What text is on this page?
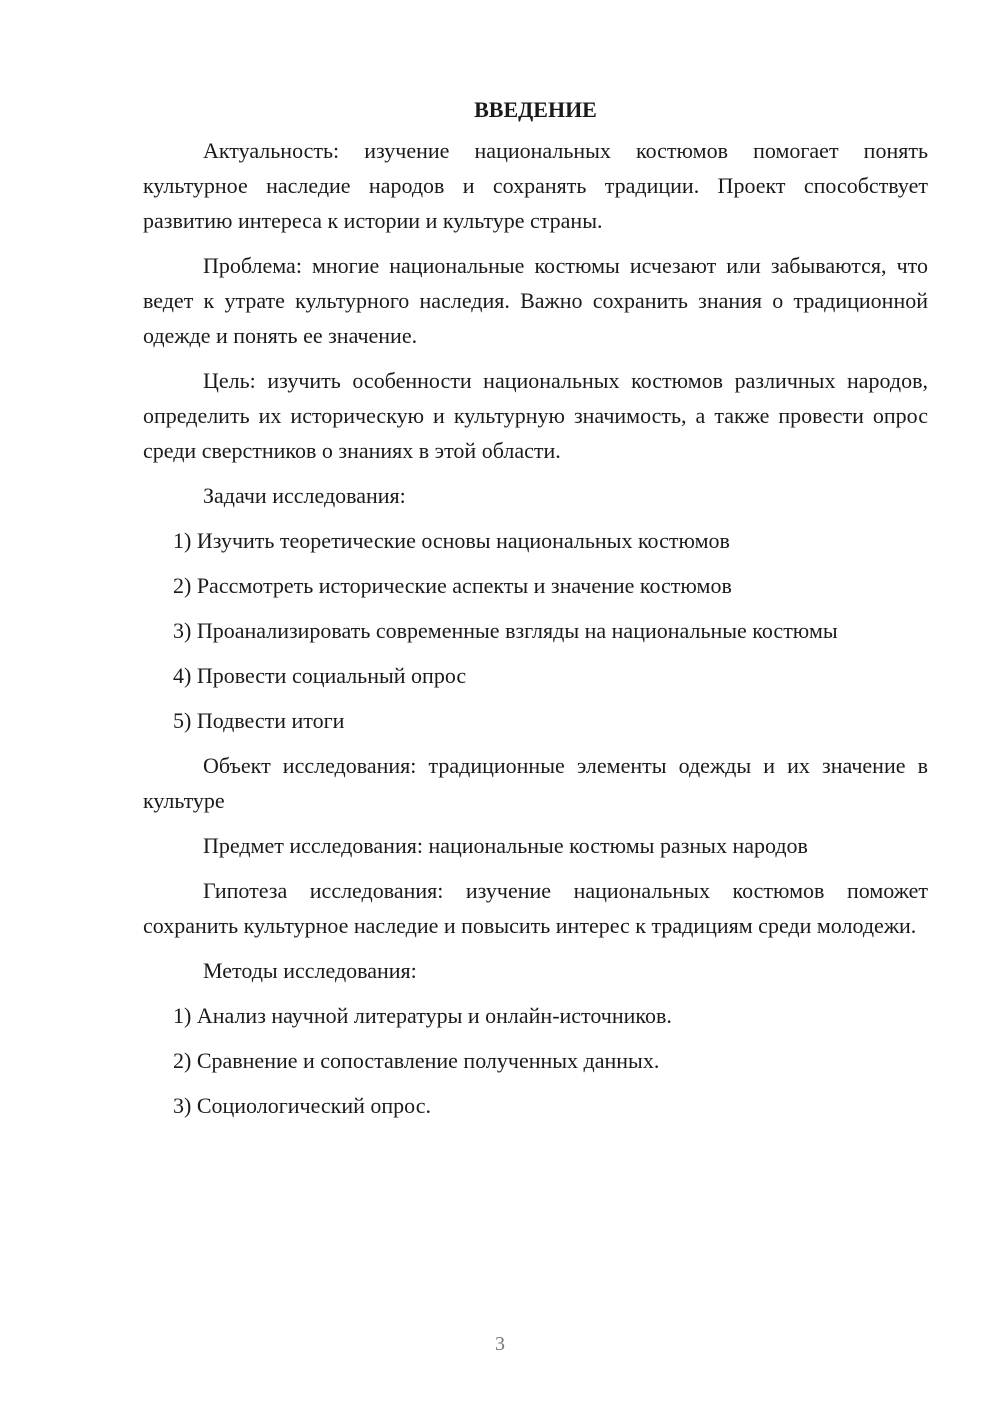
ВВЕДЕНИЕ

Актуальность: изучение национальных костюмов помогает понять культурное наследие народов и сохранять традиции. Проект способствует развитию интереса к истории и культуре страны.

Проблема: многие национальные костюмы исчезают или забываются, что ведет к утрате культурного наследия. Важно сохранить знания о традиционной одежде и понять ее значение.

Цель: изучить особенности национальных костюмов различных народов, определить их историческую и культурную значимость, а также провести опрос среди сверстников о знаниях в этой области.

Задачи исследования:

1) Изучить теоретические основы национальных костюмов

2) Рассмотреть исторические аспекты и значение костюмов

3) Проанализировать современные взгляды на национальные костюмы

4) Провести социальный опрос

5) Подвести итоги

Объект исследования: традиционные элементы одежды и их значение в культуре

Предмет исследования: национальные костюмы разных народов

Гипотеза исследования: изучение национальных костюмов поможет сохранить культурное наследие и повысить интерес к традициям среди молодежи.

Методы исследования:

1) Анализ научной литературы и онлайн-источников.

2) Сравнение и сопоставление полученных данных.

3) Социологический опрос.

3
